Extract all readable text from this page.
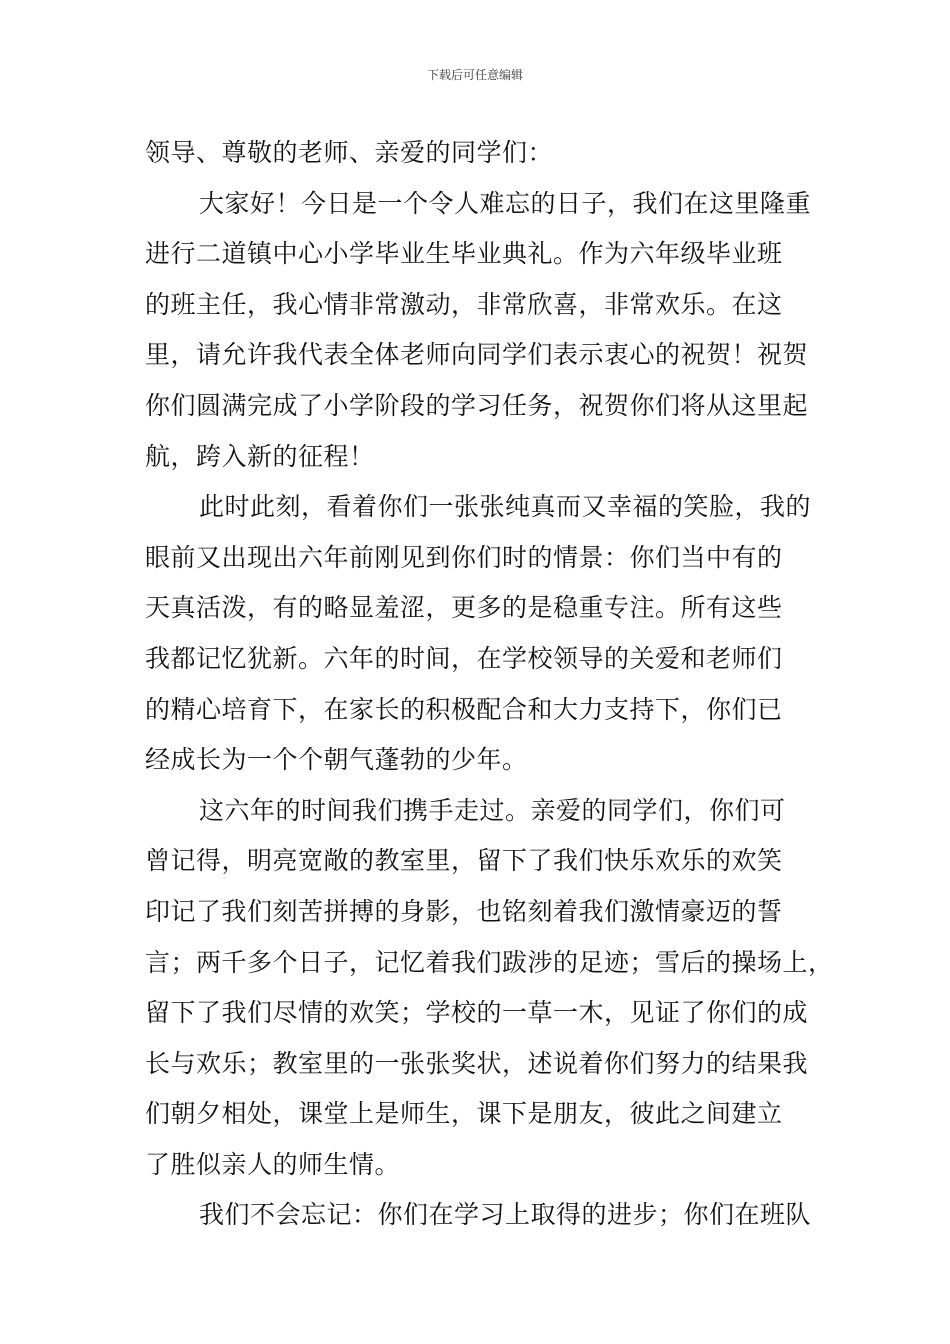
下载后可任意编辑
领导、尊敬的老师、亲爱的同学们：
大家好！今日是一个令人难忘的日子，我们在这里隆重
进行二道镇中心小学毕业生毕业典礼。作为六年级毕业班
的班主任，我心情非常激动，非常欣喜，非常欢乐。在这
里，请允许我代表全体老师向同学们表示衷心的祝贺！祝贺
你们圆满完成了小学阶段的学习任务，祝贺你们将从这里起
航，跨入新的征程！
此时此刻，看着你们一张张纯真而又幸福的笑脸，我的
眼前又出现出六年前刚见到你们时的情景：你们当中有的
天真活泼，有的略显羞涩，更多的是稳重专注。所有这些
我都记忆犹新。六年的时间，在学校领导的关爱和老师们
的精心培育下，在家长的积极配合和大力支持下，你们已
经成长为一个个朝气蓬勃的少年。
这六年的时间我们携手走过。亲爱的同学们，你们可
曾记得，明亮宽敞的教室里，留下了我们快乐欢乐的欢笑
印记了我们刻苦拼搏的身影，也铭刻着我们激情豪迈的誓
言；两千多个日子，记忆着我们跋涉的足迹；雪后的操场上，
留下了我们尽情的欢笑；学校的一草一木，见证了你们的成
长与欢乐；教室里的一张张奖状，述说着你们努力的结果我
们朝夕相处，课堂上是师生，课下是朋友，彼此之间建立
了胜似亲人的师生情。
我们不会忘记：你们在学习上取得的进步；你们在班队
